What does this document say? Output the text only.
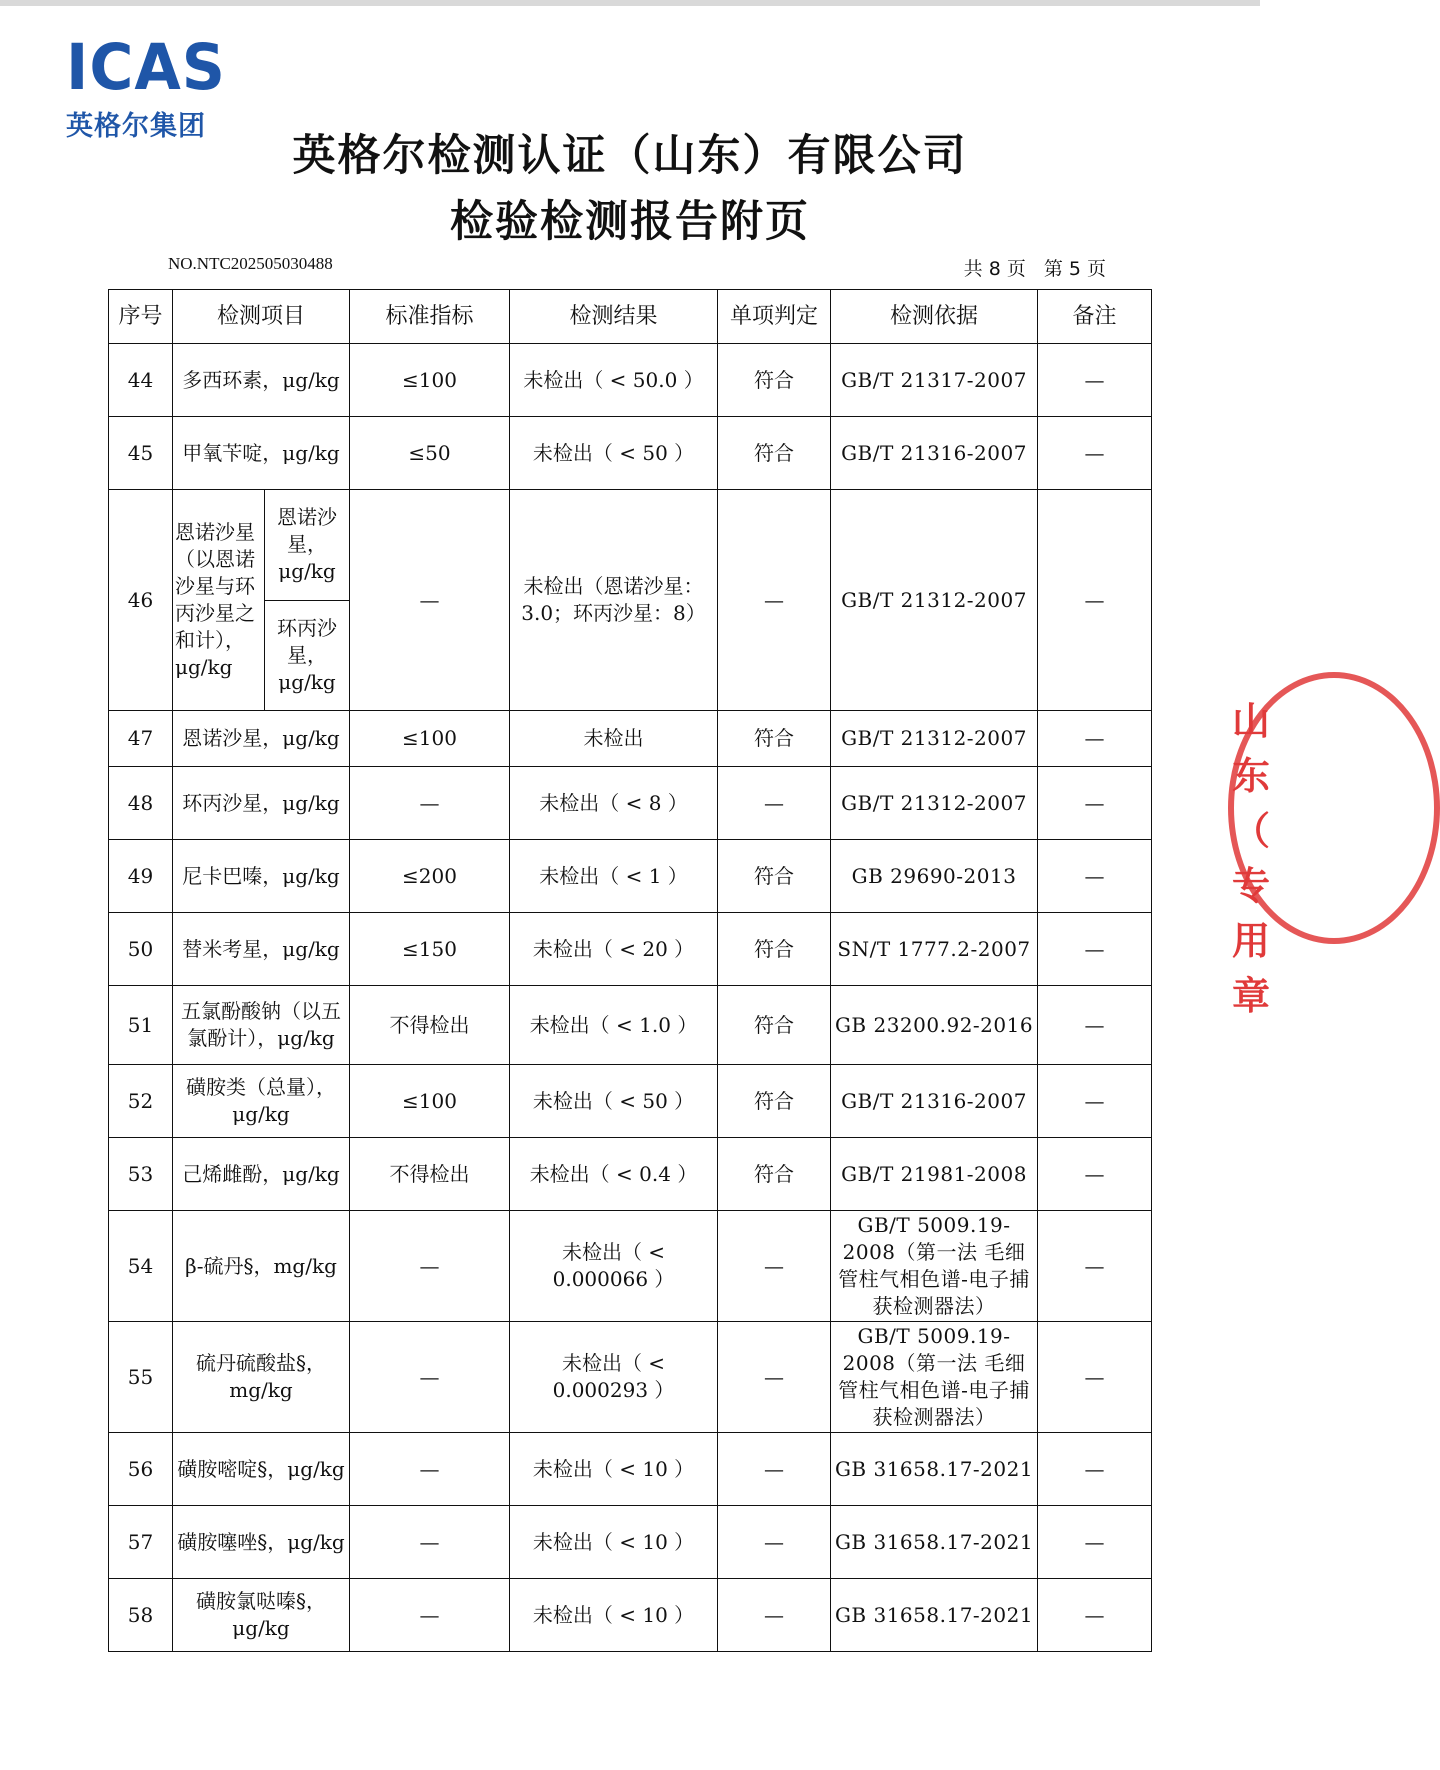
ICAS
英格尔集团
英格尔检测认证（山东）有限公司
检验检测报告附页
NO.NTC202505030488	共 8 页 第 5 页
序号	检测项目		标准指标	检测结果	单项判定	检测依据	备注
44	多西环素，μg/kg		≤100	未检出（ < 50.0 ）	符合	GB/T 21317-2007	—
45	甲氧苄啶，μg/kg		≤50	未检出（ < 50 ）	符合	GB/T 21316-2007	—
46	恩诺沙星（以恩诺沙星与环丙沙星之和计），μg/kg	恩诺沙星，μg/kg	—	未检出（恩诺沙星：3.0；环丙沙星：8）	—	GB/T 21312-2007	—
		环丙沙星，μg/kg					
47	恩诺沙星，μg/kg		≤100	未检出	符合	GB/T 21312-2007	—
48	环丙沙星，μg/kg		—	未检出（ < 8 ）	—	GB/T 21312-2007	—
49	尼卡巴嗪，μg/kg		≤200	未检出（ < 1 ）	符合	GB 29690-2013	—
50	替米考星，μg/kg		≤150	未检出（ < 20 ）	符合	SN/T 1777.2-2007	—
51	五氯酚酸钠（以五氯酚计），μg/kg		不得检出	未检出（ < 1.0 ）	符合	GB 23200.92-2016	—
52	磺胺类（总量），μg/kg		≤100	未检出（ < 50 ）	符合	GB/T 21316-2007	—
53	己烯雌酚，μg/kg		不得检出	未检出（ < 0.4 ）	符合	GB/T 21981-2008	—
54	β-硫丹§，mg/kg		—	未检出（ < 0.000066 ）	—	GB/T 5009.19-2008（第一法 毛细管柱气相色谱-电子捕获检测器法）	—
55	硫丹硫酸盐§，mg/kg		—	未检出（ < 0.000293 ）	—	GB/T 5009.19-2008（第一法 毛细管柱气相色谱-电子捕获检测器法）	—
56	磺胺嘧啶§，μg/kg		—	未检出（ < 10 ）	—	GB 31658.17-2021	—
57	磺胺噻唑§，μg/kg		—	未检出（ < 10 ）	—	GB 31658.17-2021	—
58	磺胺氯哒嗪§，μg/kg		—	未检出（ < 10 ）	—	GB 31658.17-2021	—
山东 （ 专用章
